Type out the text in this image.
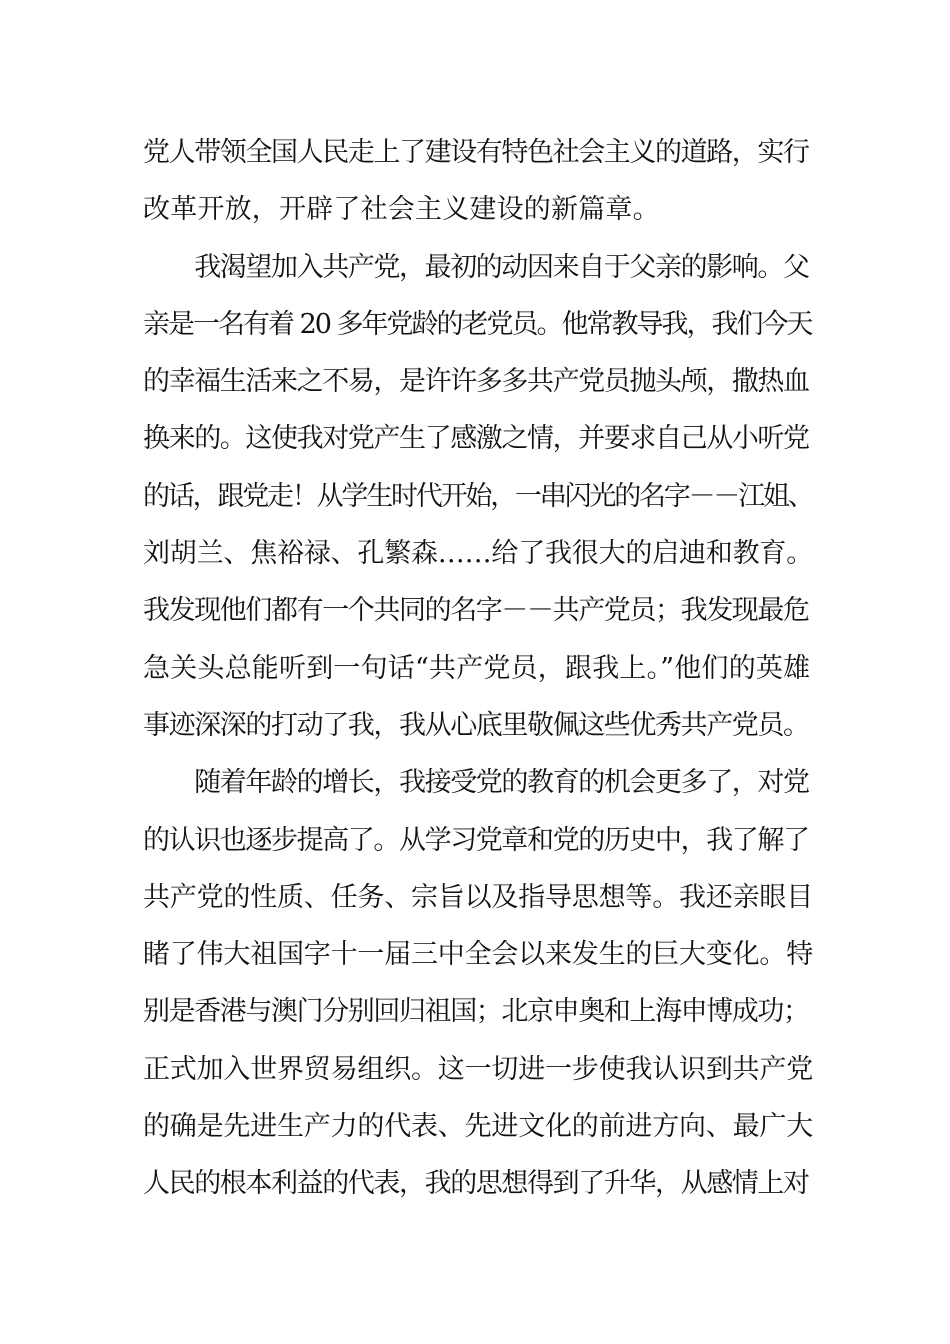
党人带领全国人民走上了建设有特色社会主义的道路，实行
改革开放，开辟了社会主义建设的新篇章。
　　我渴望加入共产党，最初的动因来自于父亲的影响。父
亲是一名有着 20 多年党龄的老党员。他常教导我，我们今天
的幸福生活来之不易，是许许多多共产党员抛头颅，撒热血
换来的。这使我对党产生了感激之情，并要求自己从小听党
的话，跟党走！从学生时代开始，一串闪光的名字－－江姐、
刘胡兰、焦裕禄、孔繁森……给了我很大的启迪和教育。
我发现他们都有一个共同的名字－－共产党员；我发现最危
急关头总能听到一句话“共产党员，跟我上。”他们的英雄
事迹深深的打动了我，我从心底里敬佩这些优秀共产党员。
　　随着年龄的增长，我接受党的教育的机会更多了，对党
的认识也逐步提高了。从学习党章和党的历史中，我了解了
共产党的性质、任务、宗旨以及指导思想等。我还亲眼目
睹了伟大祖国字十一届三中全会以来发生的巨大变化。特
别是香港与澳门分别回归祖国；北京申奥和上海申博成功；
正式加入世界贸易组织。这一切进一步使我认识到共产党
的确是先进生产力的代表、先进文化的前进方向、最广大
人民的根本利益的代表，我的思想得到了升华，从感情上对
